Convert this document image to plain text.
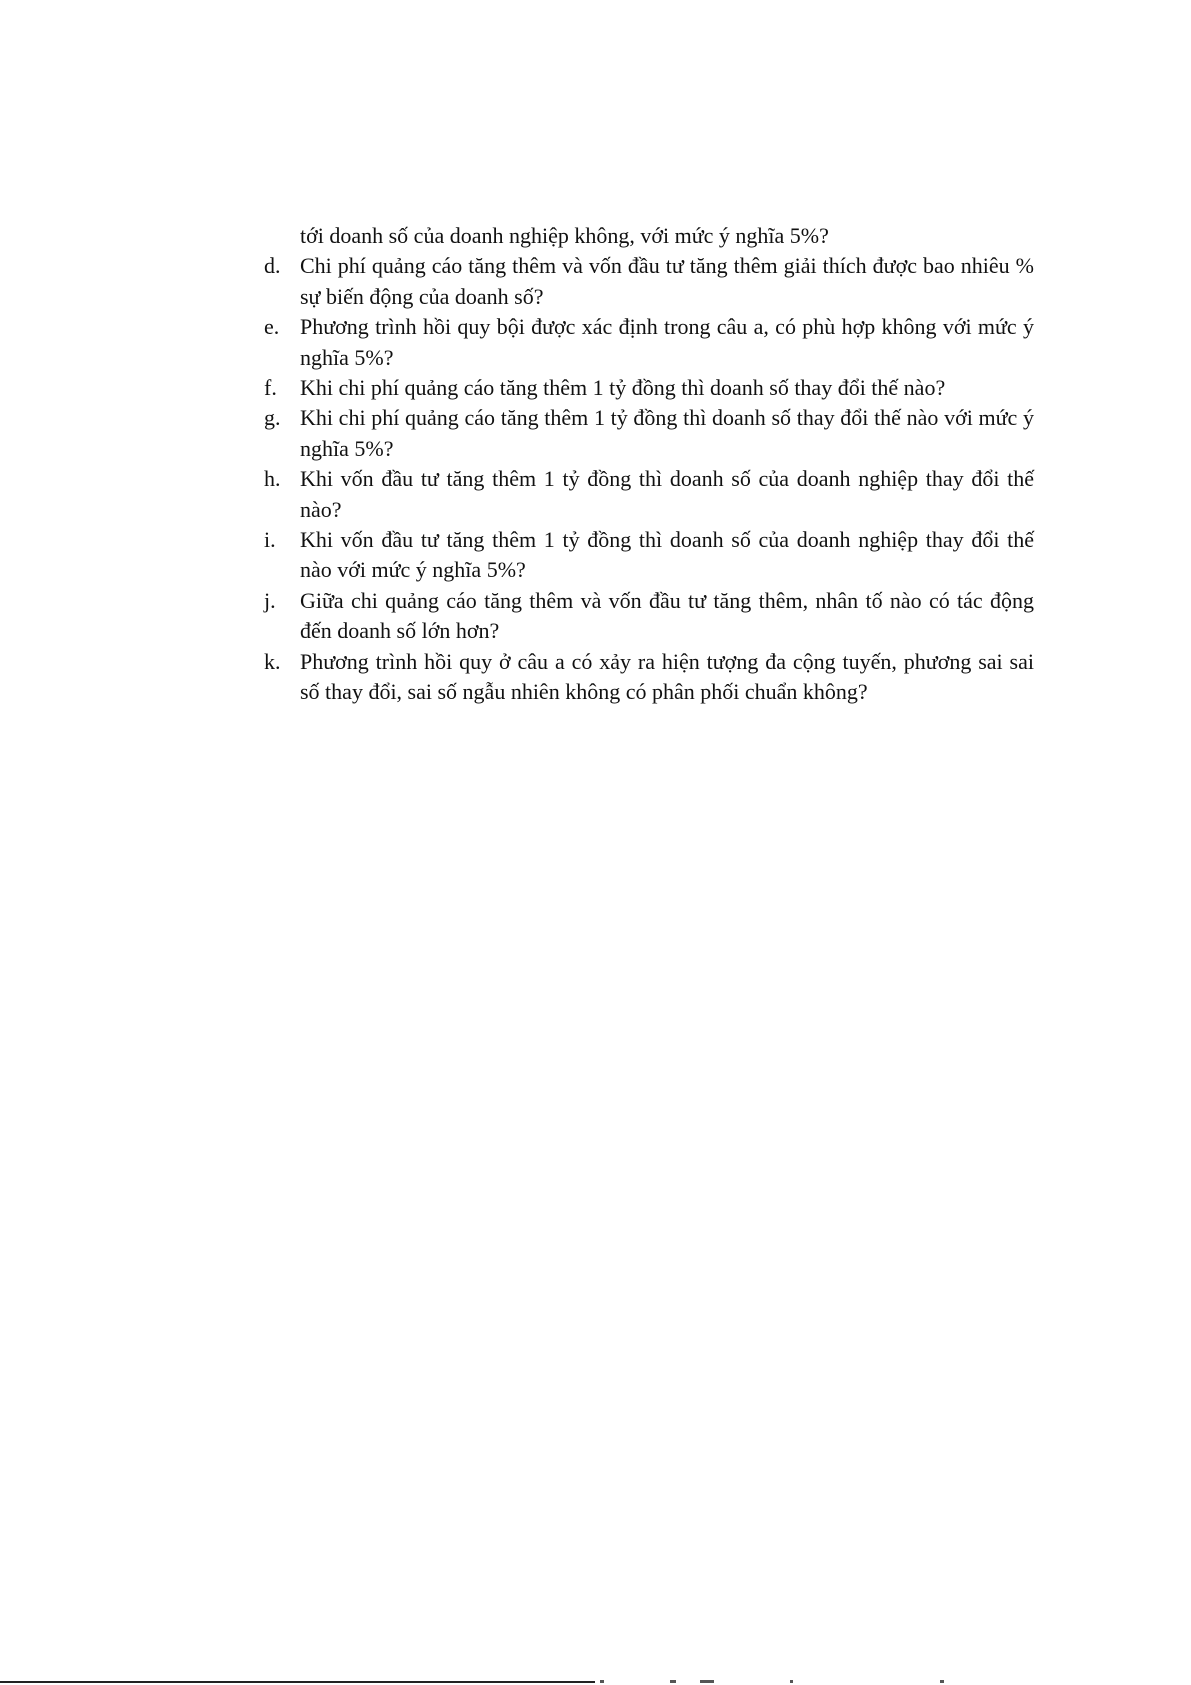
tới doanh số của doanh nghiệp không, với mức ý nghĩa 5%?
d. Chi phí quảng cáo tăng thêm và vốn đầu tư tăng thêm giải thích được bao nhiêu % sự biến động của doanh số?
e. Phương trình hồi quy bội được xác định trong câu a, có phù hợp không với mức ý nghĩa 5%?
f. Khi chi phí quảng cáo tăng thêm 1 tỷ đồng thì doanh số thay đổi thế nào?
g. Khi chi phí quảng cáo tăng thêm 1 tỷ đồng thì doanh số thay đổi thế nào với mức ý nghĩa 5%?
h. Khi vốn đầu tư tăng thêm 1 tỷ đồng thì doanh số của doanh nghiệp thay đổi thế nào?
i. Khi vốn đầu tư tăng thêm 1 tỷ đồng thì doanh số của doanh nghiệp thay đổi thế nào với mức ý nghĩa 5%?
j. Giữa chi quảng cáo tăng thêm và vốn đầu tư tăng thêm, nhân tố nào có tác động đến doanh số lớn hơn?
k. Phương trình hồi quy ở câu a có xảy ra hiện tượng đa cộng tuyến, phương sai sai số thay đổi, sai số ngẫu nhiên không có phân phối chuẩn không?
